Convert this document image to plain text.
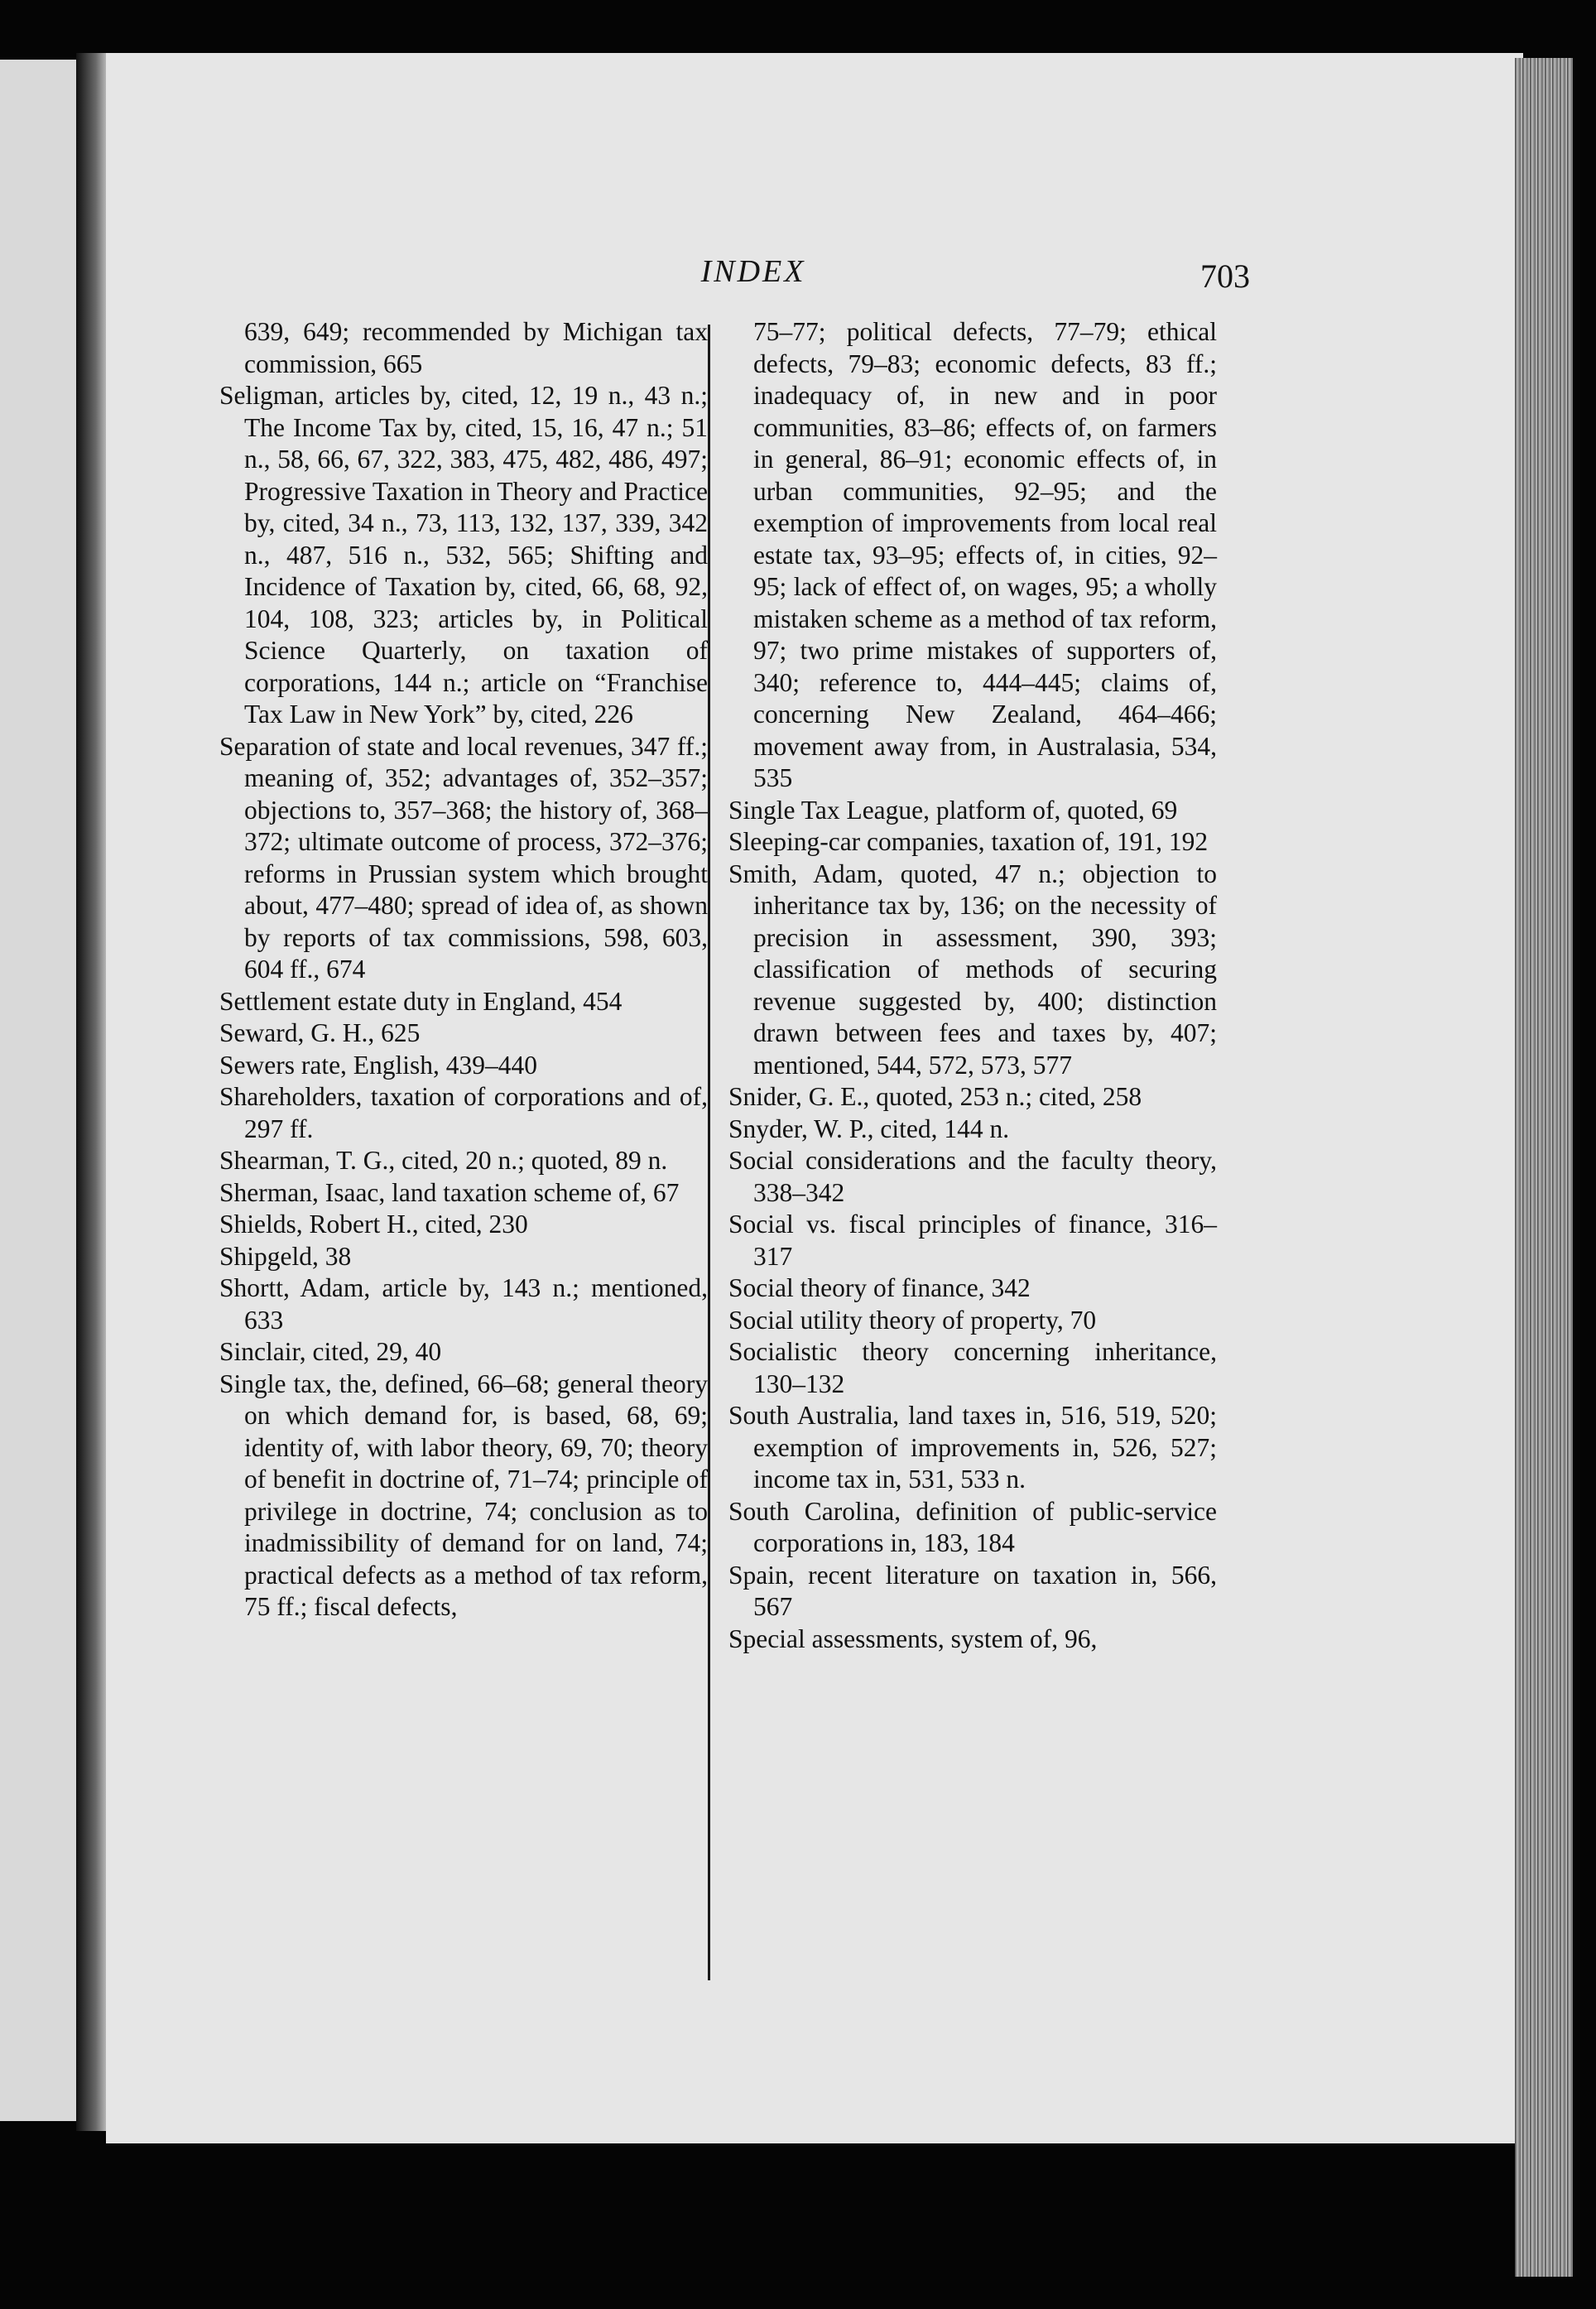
INDEX	703

639, 649; recommended by Michigan tax commission, 665

Seligman, articles by, cited, 12, 19 n., 43 n.; The Income Tax by, cited, 15, 16, 47 n.; 51 n., 58, 66, 67, 322, 383, 475, 482, 486, 497; Progressive Taxation in Theory and Practice by, cited, 34 n., 73, 113, 132, 137, 339, 342 n., 487, 516 n., 532, 565; Shifting and Incidence of Taxation by, cited, 66, 68, 92, 104, 108, 323; articles by, in Political Science Quarterly, on taxation of corporations, 144 n.; article on “Franchise Tax Law in New York” by, cited, 226

Separation of state and local revenues, 347 ff.; meaning of, 352; advantages of, 352–357; objections to, 357–368; the history of, 368–372; ultimate outcome of process, 372–376; reforms in Prussian system which brought about, 477–480; spread of idea of, as shown by reports of tax commissions, 598, 603, 604 ff., 674

Settlement estate duty in England, 454

Seward, G. H., 625

Sewers rate, English, 439–440

Shareholders, taxation of corporations and of, 297 ff.

Shearman, T. G., cited, 20 n.; quoted, 89 n.

Sherman, Isaac, land taxation scheme of, 67

Shields, Robert H., cited, 230

Shipgeld, 38

Shortt, Adam, article by, 143 n.; mentioned, 633

Sinclair, cited, 29, 40

Single tax, the, defined, 66–68; general theory on which demand for, is based, 68, 69; identity of, with labor theory, 69, 70; theory of benefit in doctrine of, 71–74; principle of privilege in doctrine, 74; conclusion as to inadmissibility of demand for on land, 74; practical defects as a method of tax reform, 75 ff.; fiscal defects,

75–77; political defects, 77–79; ethical defects, 79–83; economic defects, 83 ff.; inadequacy of, in new and in poor communities, 83–86; effects of, on farmers in general, 86–91; economic effects of, in urban communities, 92–95; and the exemption of improvements from local real estate tax, 93–95; effects of, in cities, 92–95; lack of effect of, on wages, 95; a wholly mistaken scheme as a method of tax reform, 97; two prime mistakes of supporters of, 340; reference to, 444–445; claims of, concerning New Zealand, 464–466; movement away from, in Australasia, 534, 535

Single Tax League, platform of, quoted, 69

Sleeping-car companies, taxation of, 191, 192

Smith, Adam, quoted, 47 n.; objection to inheritance tax by, 136; on the necessity of precision in assessment, 390, 393; classification of methods of securing revenue suggested by, 400; distinction drawn between fees and taxes by, 407; mentioned, 544, 572, 573, 577

Snider, G. E., quoted, 253 n.; cited, 258

Snyder, W. P., cited, 144 n.

Social considerations and the faculty theory, 338–342

Social vs. fiscal principles of finance, 316–317

Social theory of finance, 342

Social utility theory of property, 70

Socialistic theory concerning inheritance, 130–132

South Australia, land taxes in, 516, 519, 520; exemption of improvements in, 526, 527; income tax in, 531, 533 n.

South Carolina, definition of public-service corporations in, 183, 184

Spain, recent literature on taxation in, 566, 567

Special assessments, system of, 96,
